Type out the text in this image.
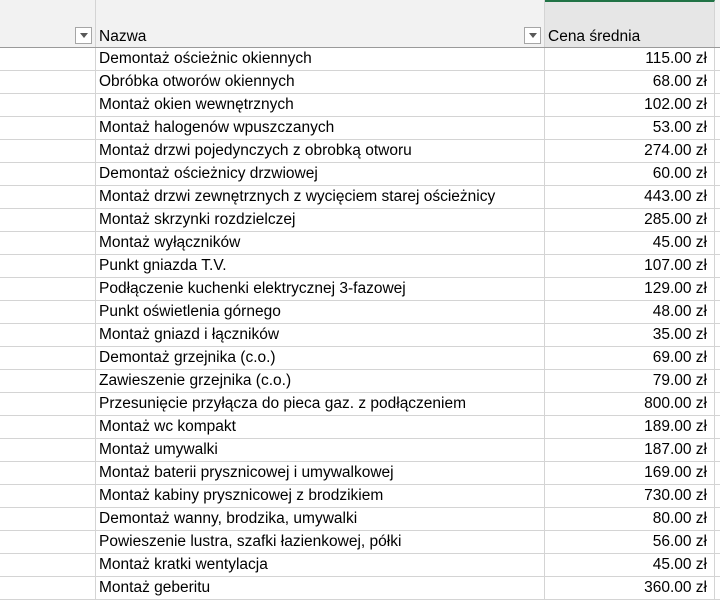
Nazwa	Cena średnia
Demontaż ościeżnic okiennych	115.00 zł
Obróbka otworów okiennych	68.00 zł
Montaż okien wewnętrznych	102.00 zł
Montaż halogenów wpuszczanych	53.00 zł
Montaż drzwi pojedynczych z obrobką otworu	274.00 zł
Demontaż ościeżnicy drzwiowej	60.00 zł
Montaż drzwi zewnętrznych z wycięciem starej ościeżnicy	443.00 zł
Montaż skrzynki rozdzielczej	285.00 zł
Montaż wyłączników	45.00 zł
Punkt gniazda T.V.	107.00 zł
Podłączenie kuchenki elektrycznej 3-fazowej	129.00 zł
Punkt oświetlenia górnego	48.00 zł
Montaż gniazd i łączników	35.00 zł
Demontaż grzejnika (c.o.)	69.00 zł
Zawieszenie grzejnika (c.o.)	79.00 zł
Przesunięcie przyłącza do pieca gaz. z podłączeniem	800.00 zł
Montaż wc kompakt	189.00 zł
Montaż umywalki	187.00 zł
Montaż baterii prysznicowej i umywalkowej	169.00 zł
Montaż kabiny prysznicowej z brodzikiem	730.00 zł
Demontaż wanny, brodzika, umywalki	80.00 zł
Powieszenie lustra, szafki łazienkowej, półki	56.00 zł
Montaż kratki wentylacja	45.00 zł
Montaż geberitu	360.00 zł
